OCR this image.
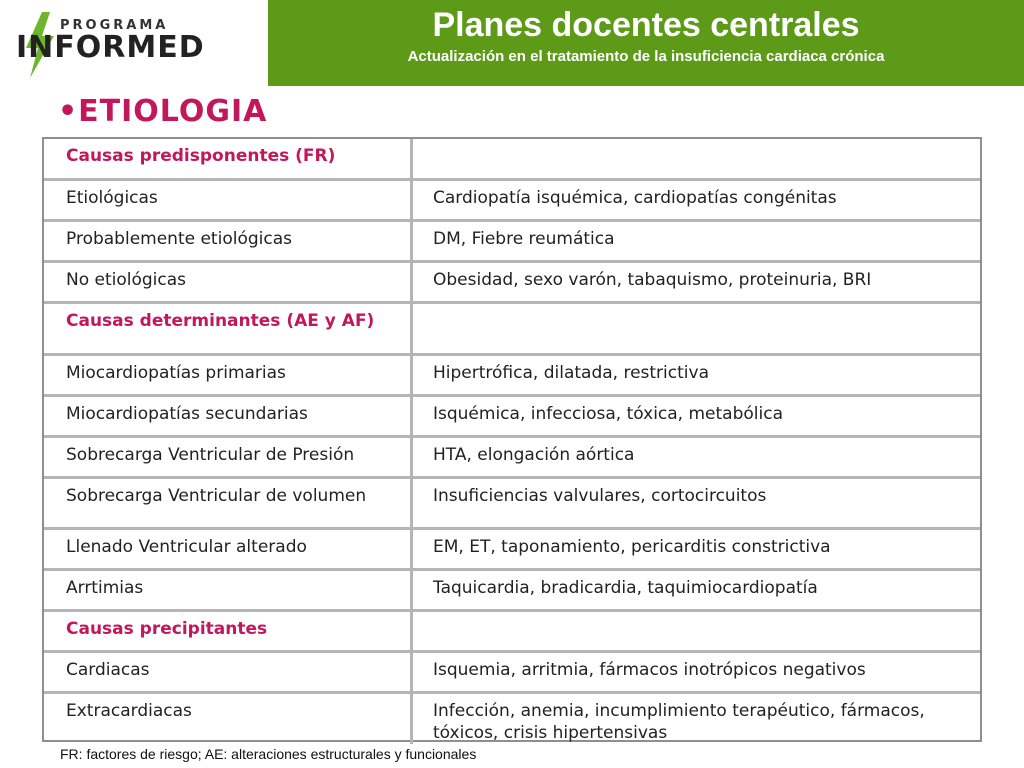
PROGRAMA
INFORMED
Planes docentes centrales
Actualización en el tratamiento de la insuficiencia cardiaca crónica
•ETIOLOGIA
Causas predisponentes (FR)
Etiológicas	Cardiopatía isquémica, cardiopatías congénitas
Probablemente etiológicas	DM, Fiebre reumática
No etiológicas	Obesidad, sexo varón, tabaquismo, proteinuria, BRI
Causas determinantes (AE y AF)
Miocardiopatías primarias	Hipertrófica, dilatada, restrictiva
Miocardiopatías secundarias	Isquémica, infecciosa, tóxica, metabólica
Sobrecarga Ventricular de Presión	HTA, elongación aórtica
Sobrecarga Ventricular de volumen	Insuficiencias valvulares, cortocircuitos
Llenado Ventricular alterado	EM, ET, taponamiento, pericarditis constrictiva
Arrtimias	Taquicardia, bradicardia, taquimiocardiopatía
Causas precipitantes
Cardiacas	Isquemia, arritmia, fármacos inotrópicos negativos
Extracardiacas	Infección, anemia, incumplimiento terapéutico, fármacos, tóxicos, crisis hipertensivas
FR: factores de riesgo; AE: alteraciones estructurales y funcionales
